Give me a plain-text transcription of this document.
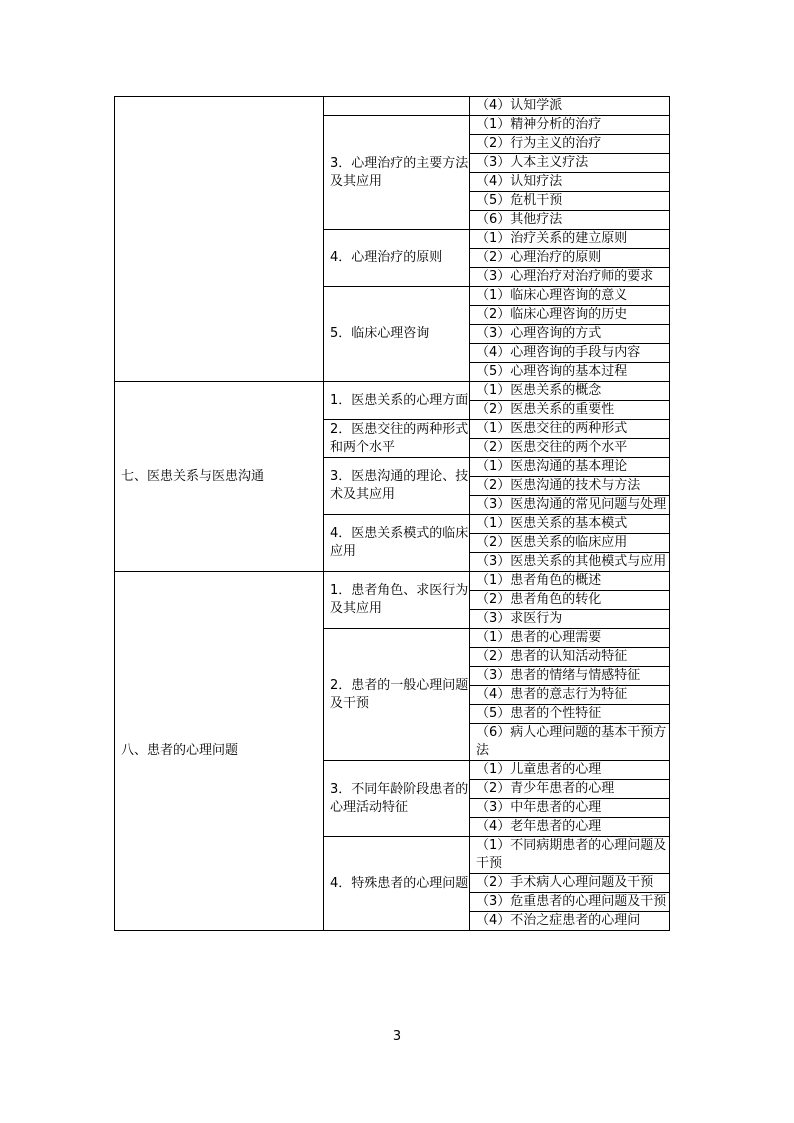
		（4）认知学派
	3．心理治疗的主要方法及其应用	（1）精神分析的治疗
		（2）行为主义的治疗
		（3）人本主义疗法
		（4）认知疗法
		（5）危机干预
		（6）其他疗法
	4．心理治疗的原则	（1）治疗关系的建立原则
		（2）心理治疗的原则
		（3）心理治疗对治疗师的要求
	5．临床心理咨询	（1）临床心理咨询的意义
		（2）临床心理咨询的历史
		（3）心理咨询的方式
		（4）心理咨询的手段与内容
		（5）心理咨询的基本过程
七、医患关系与医患沟通	1．医患关系的心理方面	（1）医患关系的概念
		（2）医患关系的重要性
	2．医患交往的两种形式和两个水平	（1）医患交往的两种形式
		（2）医患交往的两个水平
	3．医患沟通的理论、技术及其应用	（1）医患沟通的基本理论
		（2）医患沟通的技术与方法
		（3）医患沟通的常见问题与处理
	4．医患关系模式的临床应用	（1）医患关系的基本模式
		（2）医患关系的临床应用
		（3）医患关系的其他模式与应用
八、患者的心理问题	1．患者角色、求医行为及其应用	（1）患者角色的概述
		（2）患者角色的转化
		（3）求医行为
	2．患者的一般心理问题及干预	（1）患者的心理需要
		（2）患者的认知活动特征
		（3）患者的情绪与情感特征
		（4）患者的意志行为特征
		（5）患者的个性特征
		（6）病人心理问题的基本干预方法
	3．不同年龄阶段患者的心理活动特征	（1）儿童患者的心理
		（2）青少年患者的心理
		（3）中年患者的心理
		（4）老年患者的心理
	4．特殊患者的心理问题	（1）不同病期患者的心理问题及干预
		（2）手术病人心理问题及干预
		（3）危重患者的心理问题及干预
		（4）不治之症患者的心理问
3
